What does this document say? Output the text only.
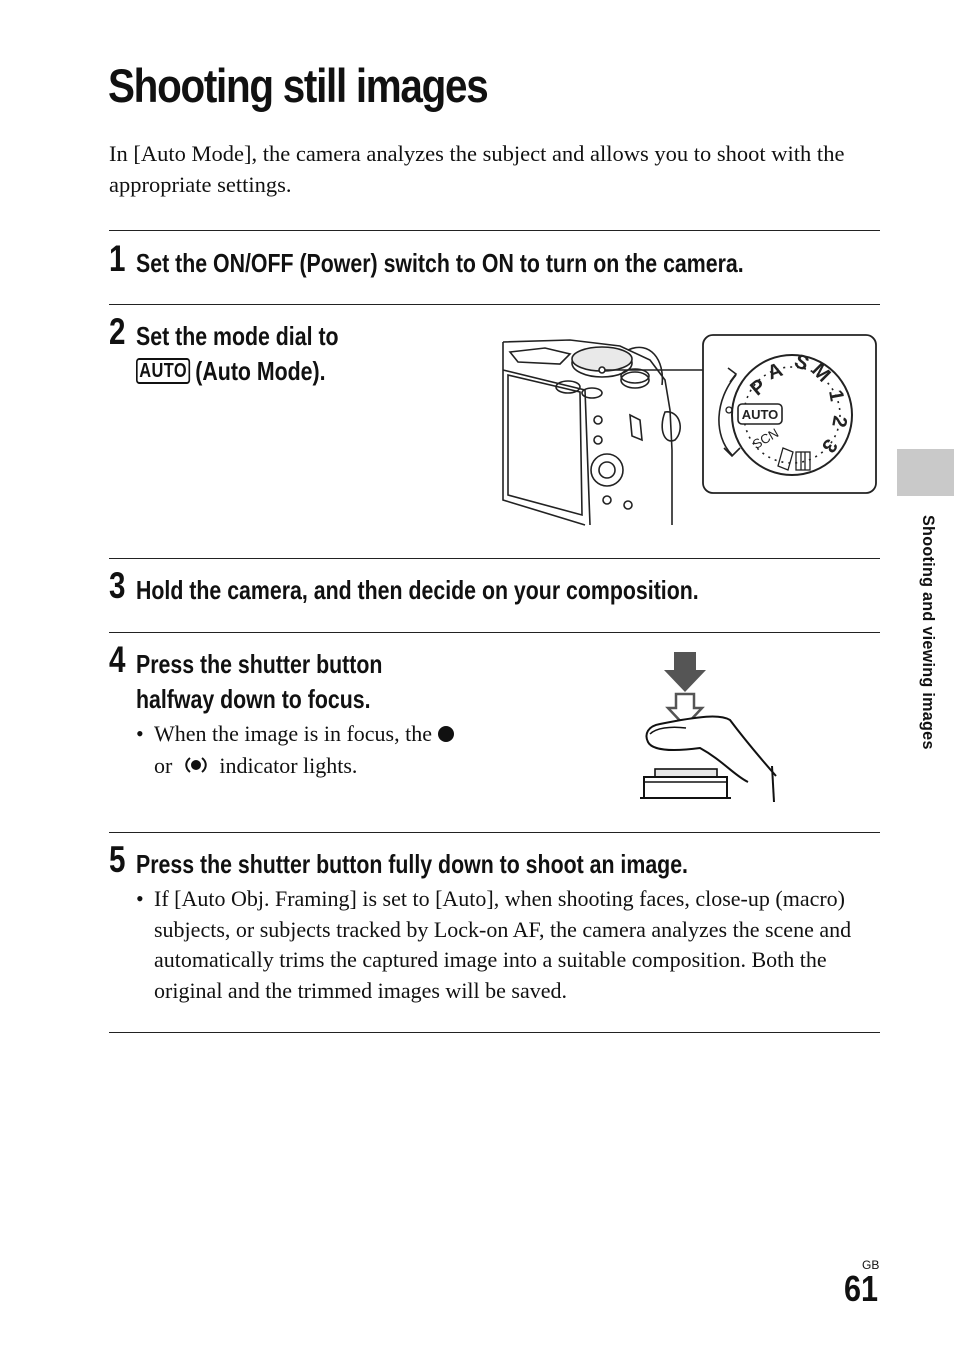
Shooting still images
In [Auto Mode], the camera analyzes the subject and allows you to shoot with the appropriate settings.
1 Set the ON/OFF (Power) switch to ON to turn on the camera.
2 Set the mode dial to
AUTO (Auto Mode).
AUTO
S
M
1
2
3
P
A
SCN
3 Hold the camera, and then decide on your composition.
4 Press the shutter button
halfway down to focus.
• When the image is in focus, the
or indicator lights.
5 Press the shutter button fully down to shoot an image.
• If [Auto Obj. Framing] is set to [Auto], when shooting faces, close-up (macro) subjects, or subjects tracked by Lock-on AF, the camera analyzes the scene and automatically trims the captured image into a suitable composition. Both the original and the trimmed images will be saved.
Shooting and viewing images
GB
61
